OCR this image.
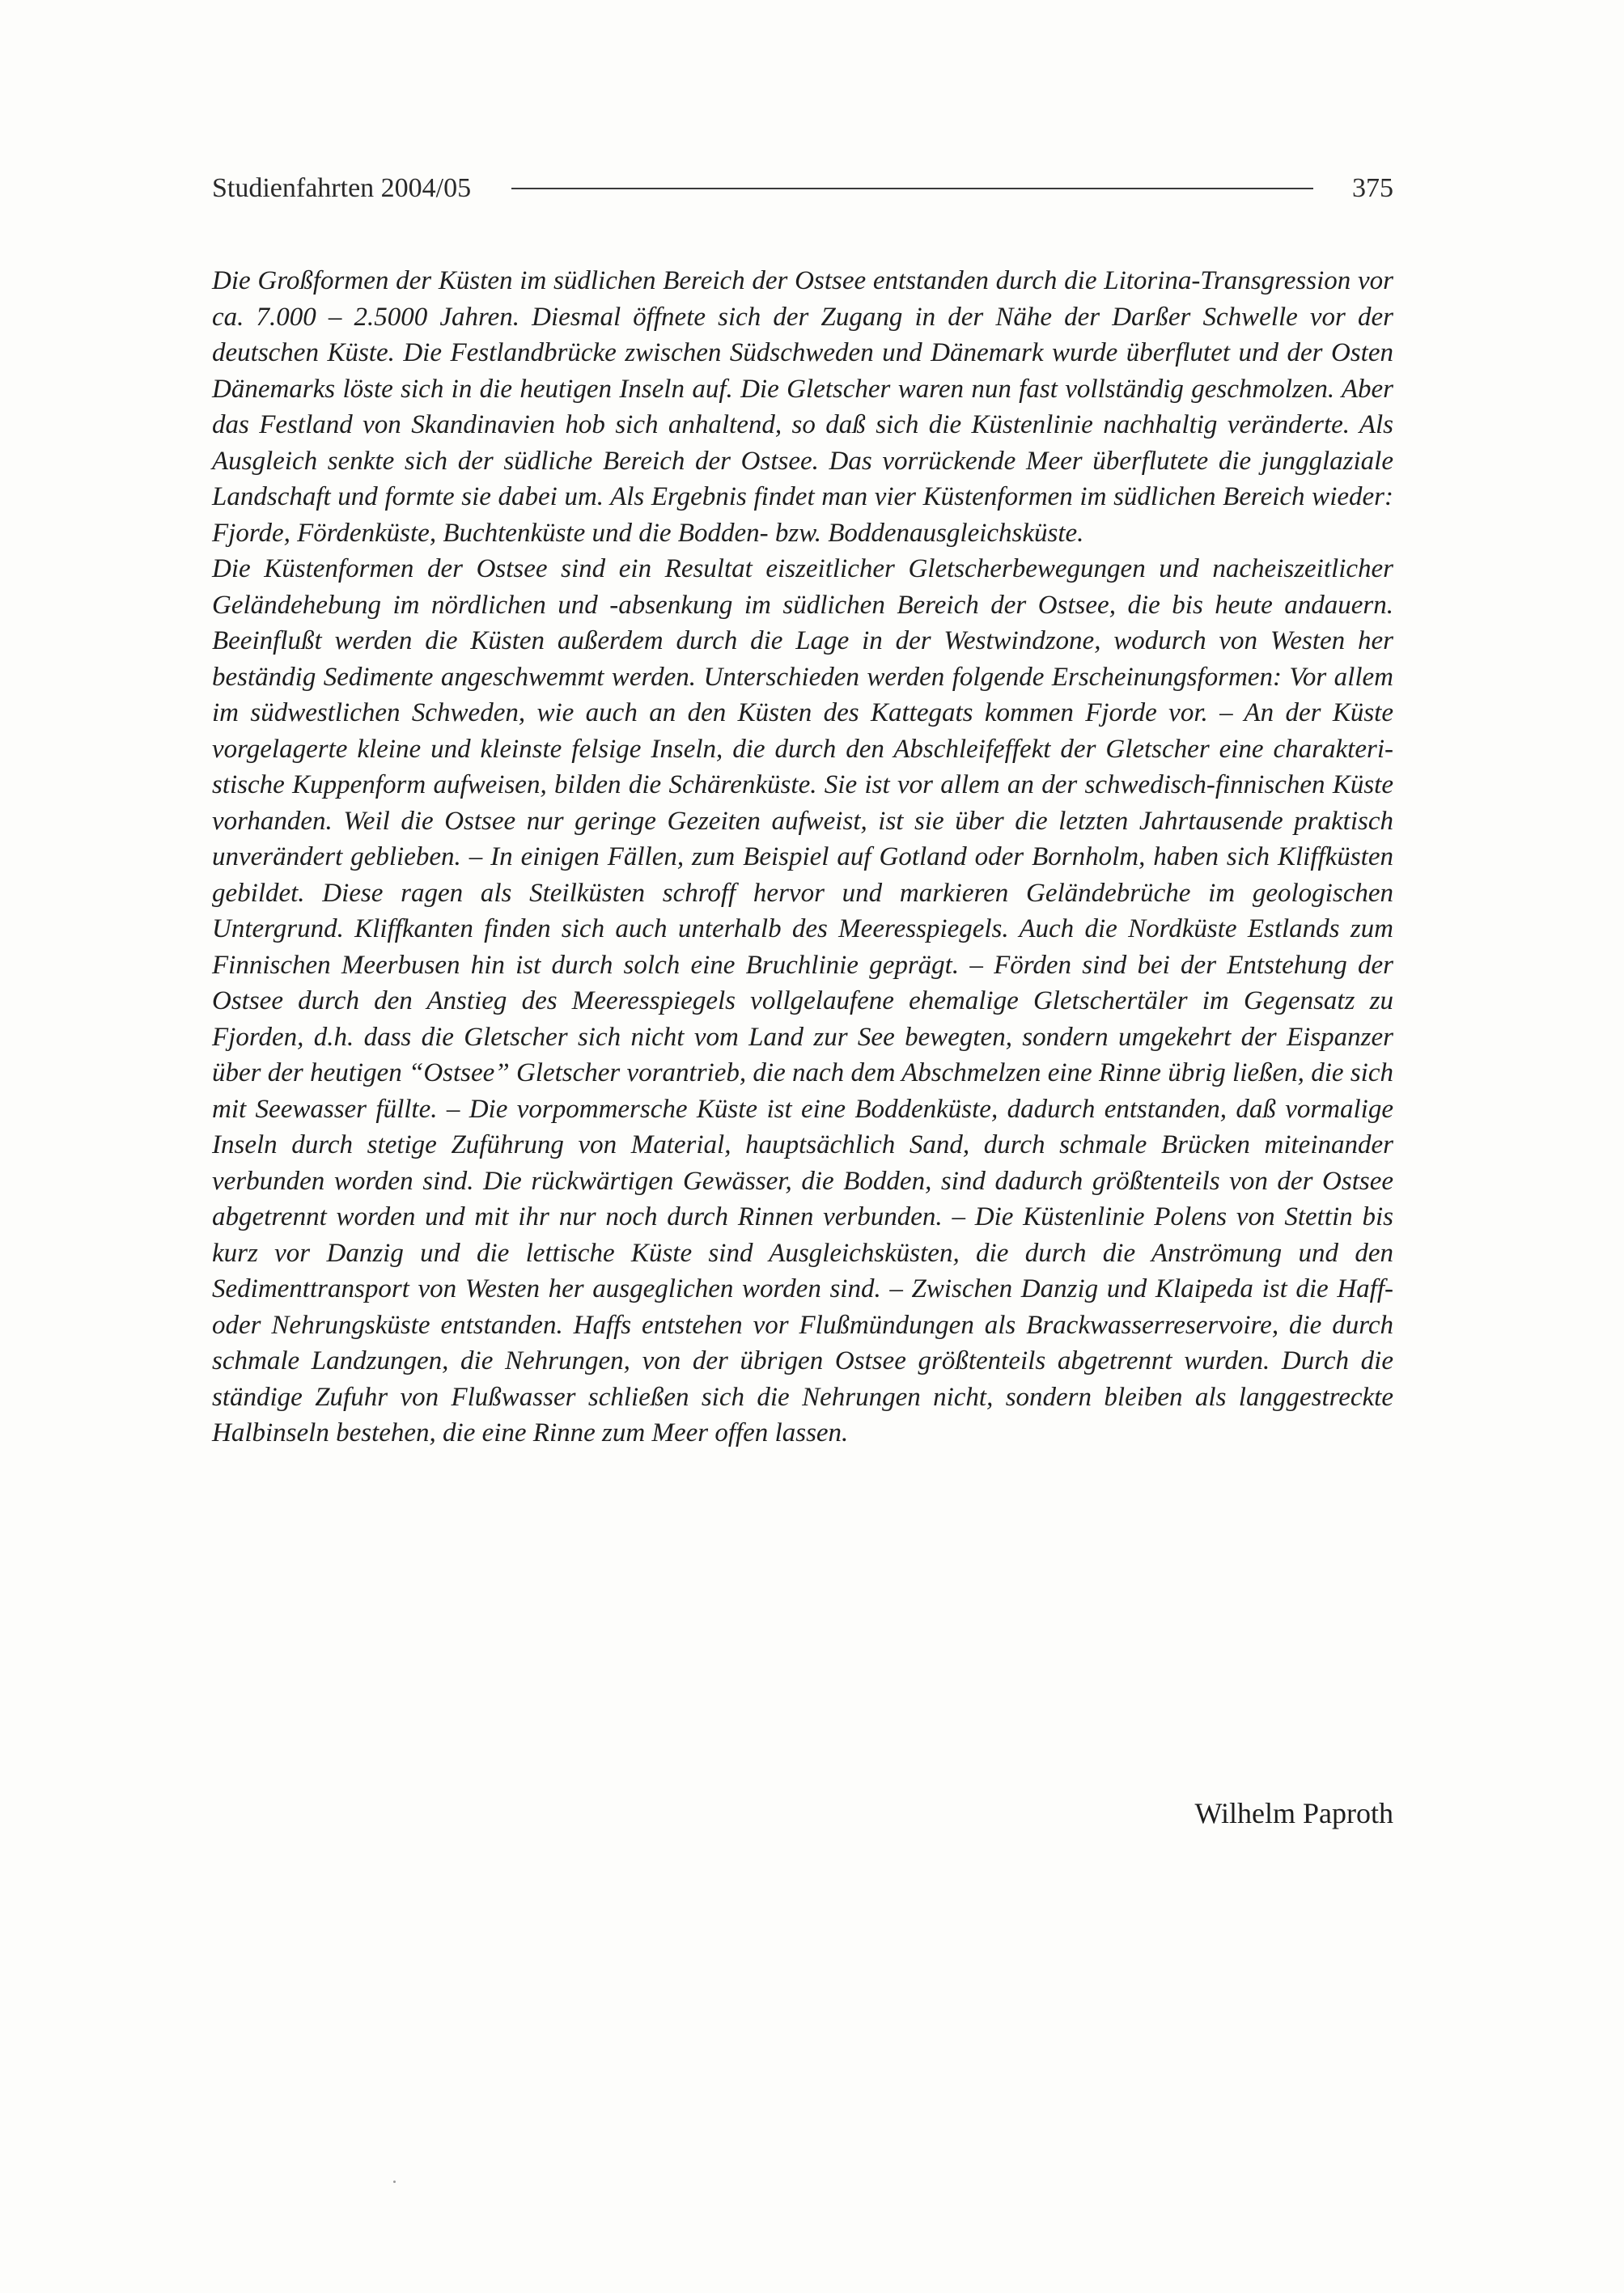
Studienfahrten 2004/05	375

Die Großformen der Küsten im südlichen Bereich der Ostsee entstanden durch die Litorina-Transgression vor ca. 7.000 – 2.5000 Jahren. Diesmal öffnete sich der Zugang in der Nähe der Darßer Schwelle vor der deutschen Küste. Die Festlandbrücke zwischen Südschweden und Dänemark wurde überflutet und der Osten Dänemarks löste sich in die heutigen Inseln auf. Die Gletscher waren nun fast vollständig geschmolzen. Aber das Festland von Skandinavien hob sich anhaltend, so daß sich die Küstenlinie nachhaltig veränderte. Als Ausgleich senkte sich der südliche Bereich der Ostsee. Das vorrückende Meer überflutete die jungglaziale Landschaft und formte sie dabei um. Als Ergebnis findet man vier Küstenformen im südlichen Bereich wieder: Fjorde, Fördenküste, Buchtenküste und die Bodden- bzw. Boddenausgleichsküste.

Die Küstenformen der Ostsee sind ein Resultat eiszeitlicher Gletscherbewegungen und nacheiszeitlicher Geländehebung im nördlichen und -absenkung im südlichen Bereich der Ostsee, die bis heute andauern. Beeinflußt werden die Küsten außerdem durch die Lage in der Westwindzone, wodurch von Westen her beständig Sedimente angeschwemmt werden. Unterschieden werden folgende Erscheinungsformen: Vor allem im südwestlichen Schweden, wie auch an den Küsten des Kattegats kommen Fjorde vor. – An der Küste vorgelagerte kleine und kleinste felsige Inseln, die durch den Abschleifeffekt der Gletscher eine charakteristische Kuppenform aufweisen, bilden die Schärenküste. Sie ist vor allem an der schwedisch-finnischen Küste vorhanden. Weil die Ostsee nur geringe Gezeiten aufweist, ist sie über die letzten Jahrtausende praktisch unverändert geblieben. – In einigen Fällen, zum Beispiel auf Gotland oder Bornholm, haben sich Kliffküsten gebildet. Diese ragen als Steilküsten schroff hervor und markieren Geländebrüche im geologischen Untergrund. Kliffkanten finden sich auch unterhalb des Meeresspiegels. Auch die Nordküste Estlands zum Finnischen Meerbusen hin ist durch solch eine Bruchlinie geprägt. – Förden sind bei der Entstehung der Ostsee durch den Anstieg des Meeresspiegels vollgelaufene ehemalige Gletschertäler im Gegensatz zu Fjorden, d.h. dass die Gletscher sich nicht vom Land zur See bewegten, sondern umgekehrt der Eispanzer über der heutigen “Ostsee” Gletscher vorantrieb, die nach dem Abschmelzen eine Rinne übrig ließen, die sich mit Seewasser füllte. – Die vorpommersche Küste ist eine Boddenküste, dadurch entstanden, daß vormalige Inseln durch stetige Zuführung von Material, hauptsächlich Sand, durch schmale Brücken miteinander verbunden worden sind. Die rückwärtigen Gewässer, die Bodden, sind dadurch größtenteils von der Ostsee abgetrennt worden und mit ihr nur noch durch Rinnen verbunden. – Die Küstenlinie Polens von Stettin bis kurz vor Danzig und die lettische Küste sind Ausgleichsküsten, die durch die Anströmung und den Sedimenttransport von Westen her ausgeglichen worden sind. – Zwischen Danzig und Klaipeda ist die Haff- oder Nehrungsküste entstanden. Haffs entstehen vor Flußmündungen als Brackwasserreservoire, die durch schmale Landzungen, die Nehrungen, von der übrigen Ostsee größtenteils abgetrennt wurden. Durch die ständige Zufuhr von Flußwasser schließen sich die Nehrungen nicht, sondern bleiben als langgestreckte Halbinseln bestehen, die eine Rinne zum Meer offen lassen.

Wilhelm Paproth
